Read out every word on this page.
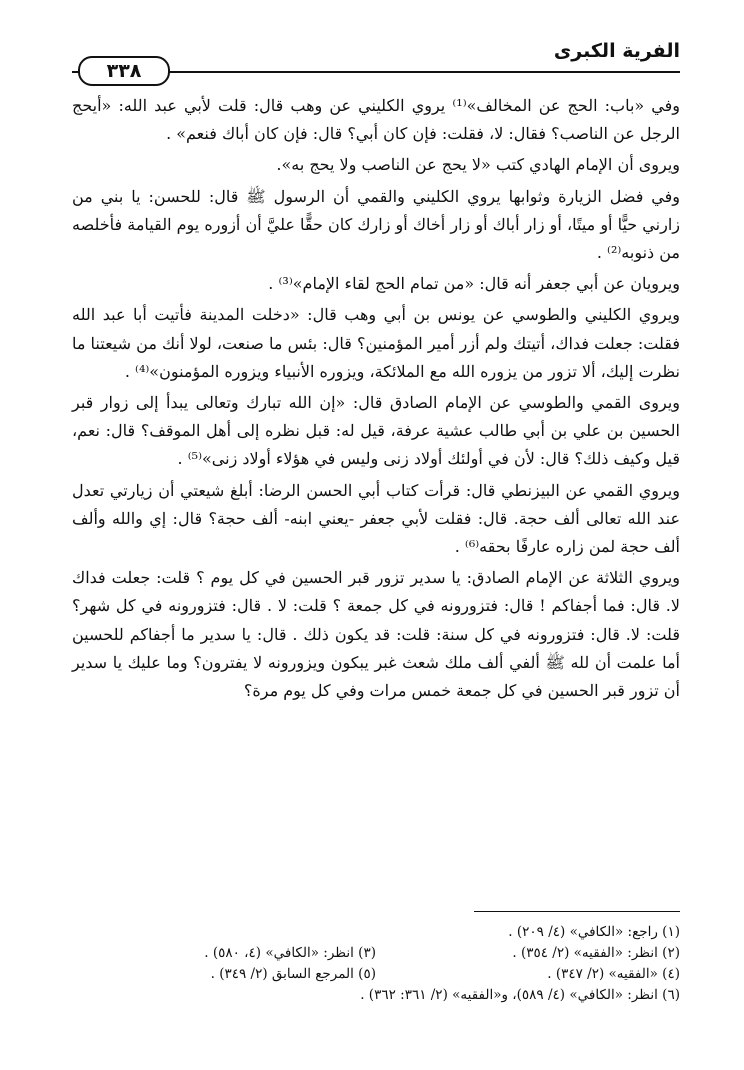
الفرية الكبرى
٣٣٨

وفي «باب: الحج عن المخالف»⁽¹⁾ يروي الكليني عن وهب قال: قلت لأبي عبد الله: «أيحج الرجل عن الناصب؟ فقال: لا، فقلت: فإن كان أبي؟ قال: فإن كان أباك فنعم» .

ويروى أن الإمام الهادي كتب «لا يحج عن الناصب ولا يحج به».

وفي فضل الزيارة وثوابها يروي الكليني والقمي أن الرسول ﷺ قال: للحسن: يا بني من زارني حيًّا أو ميتًا، أو زار أباك أو زار أخاك أو زارك كان حقًّا عليَّ أن أزوره يوم القيامة فأخلصه من ذنوبه⁽²⁾ .

ويرويان عن أبي جعفر أنه قال: «من تمام الحج لقاء الإمام»⁽³⁾ .

ويروي الكليني والطوسي عن يونس بن أبي وهب قال: «دخلت المدينة فأتيت أبا عبد الله فقلت: جعلت فداك، أتيتك ولم أزر أمير المؤمنين؟ قال: بئس ما صنعت، لولا أنك من شيعتنا ما نظرت إليك، ألا تزور من يزوره الله مع الملائكة، ويزوره الأنبياء ويزوره المؤمنون»⁽⁴⁾ .

ويروى القمي والطوسي عن الإمام الصادق قال: «إن الله تبارك وتعالى يبدأ إلى زوار قبر الحسين بن علي بن أبي طالب عشية عرفة، قيل له: قبل نظره إلى أهل الموقف؟ قال: نعم، قيل وكيف ذلك؟ قال: لأن في أولئك أولاد زنى وليس في هؤلاء أولاد زنى»⁽⁵⁾ .

ويروي القمي عن البيزنطي قال: قرأت كتاب أبي الحسن الرضا: أبلغ شيعتي أن زيارتي تعدل عند الله تعالى ألف حجة. قال: فقلت لأبي جعفر -يعني ابنه- ألف حجة؟ قال: إي والله وألف ألف حجة لمن زاره عارفًا بحقه⁽⁶⁾ .

ويروي الثلاثة عن الإمام الصادق: يا سدير تزور قبر الحسين في كل يوم ؟ قلت: جعلت فداك لا. قال: فما أجفاكم ! قال: فتزورونه في كل جمعة ؟ قلت: لا . قال: فتزورونه في كل شهر؟ قلت: لا. قال: فتزورونه في كل سنة: قلت: قد يكون ذلك . قال: يا سدير ما أجفاكم للحسين أما علمت أن لله ﷺ ألفي ألف ملك شعث غبر يبكون ويزورونه لا يفترون؟ وما عليك يا سدير أن تزور قبر الحسين في كل جمعة خمس مرات وفي كل يوم مرة؟

(١) راجع: «الكافي» (٤/ ٢٠٩) .
(٢) انظر: «الفقيه» (٢/ ٣٥٤) .
(٣) انظر: «الكافي» (٤، ٥٨٠) .
(٤) «الفقيه» (٢/ ٣٤٧) .
(٥) المرجع السابق (٢/ ٣٤٩) .
(٦) انظر: «الكافي» (٤/ ٥٨٩)، و«الفقيه» (٢/ ٣٦١: ٣٦٢) .
